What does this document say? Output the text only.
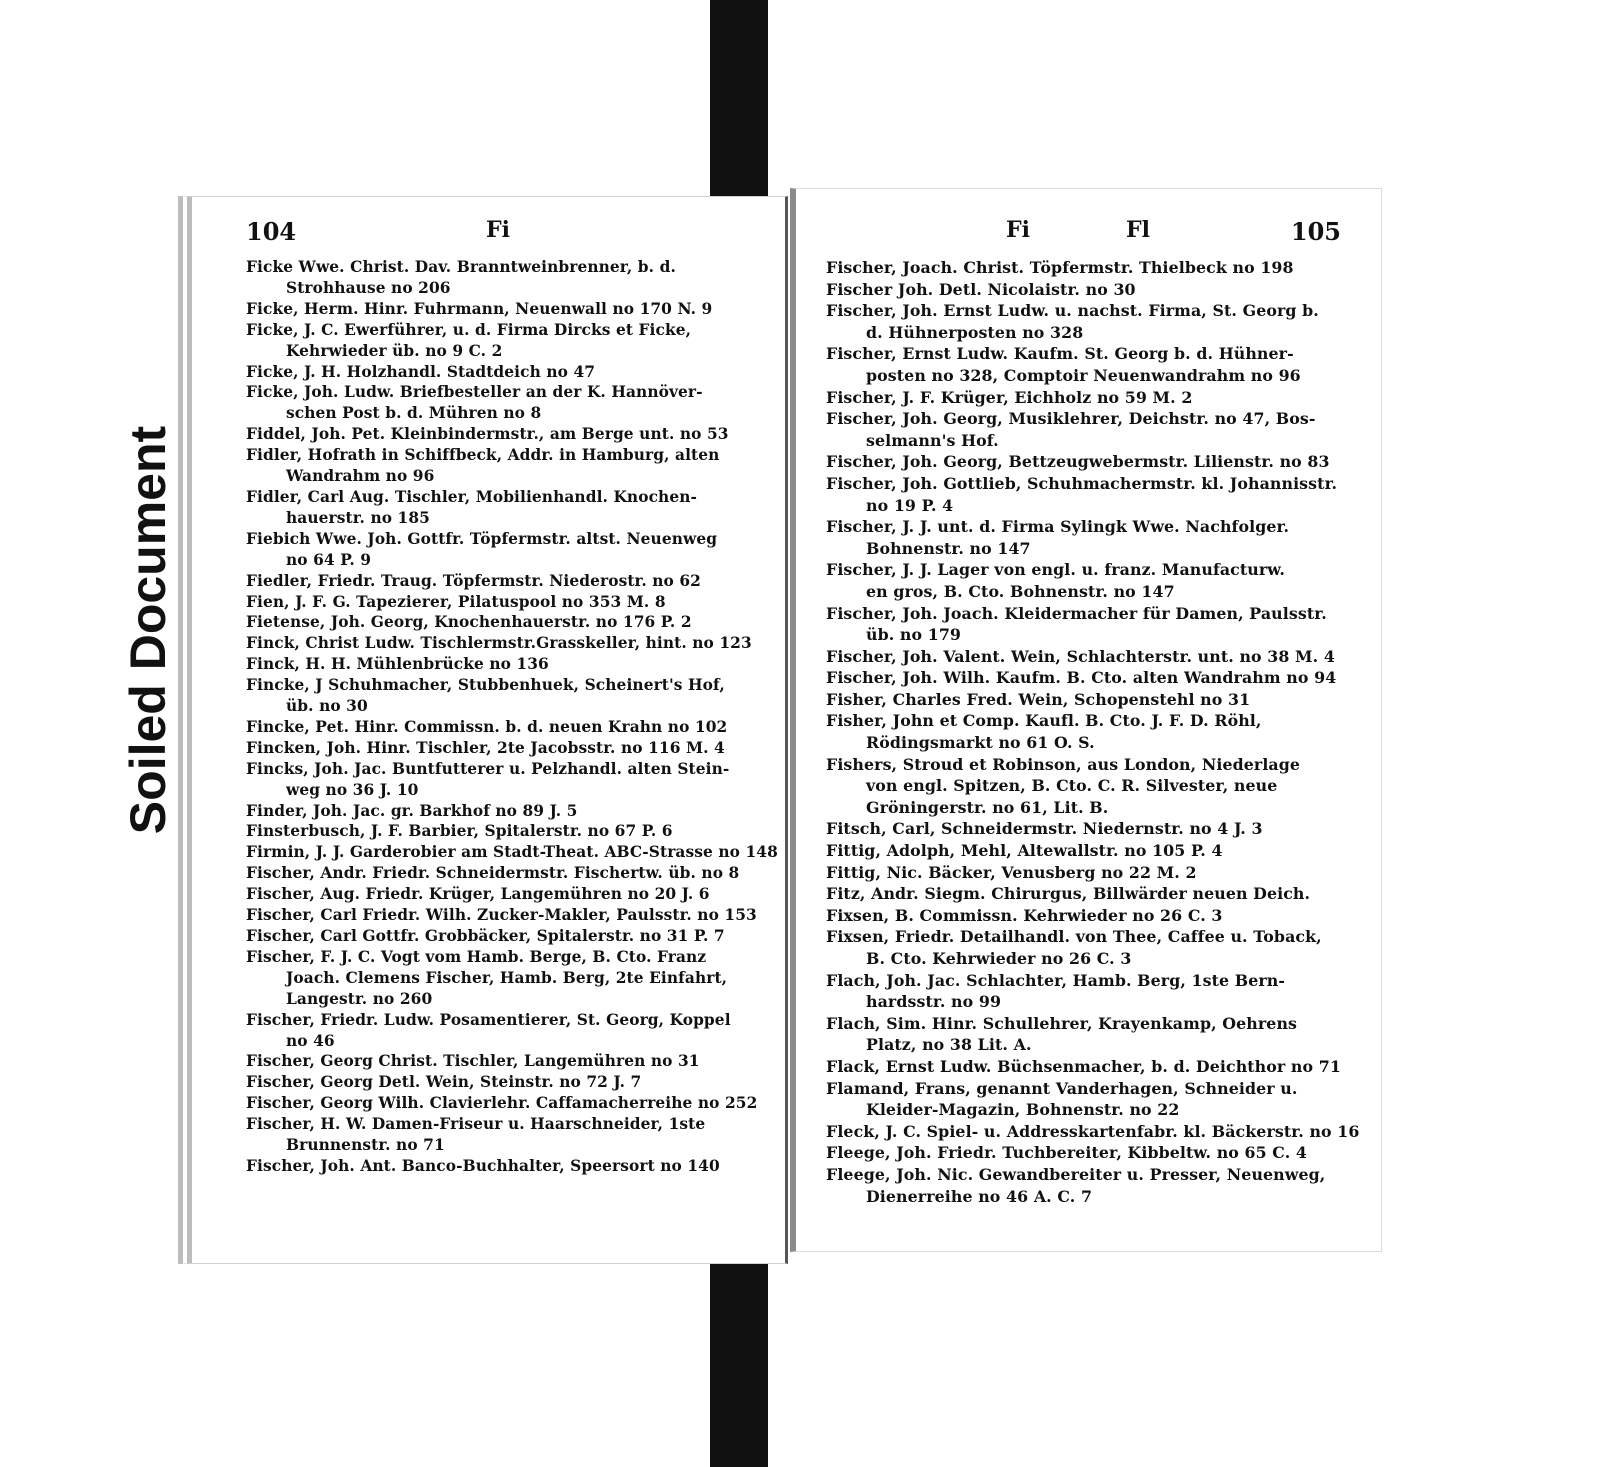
Soiled Document
104	Fi

Ficke Wwe. Christ. Dav. Branntweinbrenner, b. d.
Strohhause no 206

Ficke, Herm. Hinr. Fuhrmann, Neuenwall no 170 N. 9

Ficke, J. C. Ewerführer, u. d. Firma Dircks et Ficke,
Kehrwieder üb. no 9 C. 2

Ficke, J. H. Holzhandl. Stadtdeich no 47

Ficke, Joh. Ludw. Briefbesteller an der K. Hannöver-
schen Post b. d. Mühren no 8

Fiddel, Joh. Pet. Kleinbindermstr., am Berge unt. no 53

Fidler, Hofrath in Schiffbeck, Addr. in Hamburg, alten
Wandrahm no 96

Fidler, Carl Aug. Tischler, Mobilienhandl. Knochen-
hauerstr. no 185

Fiebich Wwe. Joh. Gottfr. Töpfermstr. altst. Neuenweg
no 64 P. 9

Fiedler, Friedr. Traug. Töpfermstr. Niederostr. no 62

Fien, J. F. G. Tapezierer, Pilatuspool no 353 M. 8

Fietense, Joh. Georg, Knochenhauerstr. no 176 P. 2

Finck, Christ Ludw. Tischlermstr.Grasskeller, hint. no 123

Finck, H. H. Mühlenbrücke no 136

Fincke, J Schuhmacher, Stubbenhuek, Scheinert's Hof,
üb. no 30

Fincke, Pet. Hinr. Commissn. b. d. neuen Krahn no 102

Fincken, Joh. Hinr. Tischler, 2te Jacobsstr. no 116 M. 4

Fincks, Joh. Jac. Buntfutterer u. Pelzhandl. alten Stein-
weg no 36 J. 10

Finder, Joh. Jac. gr. Barkhof no 89 J. 5

Finsterbusch, J. F. Barbier, Spitalerstr. no 67 P. 6

Firmin, J. J. Garderobier am Stadt-Theat. ABC-Strasse no 148

Fischer, Andr. Friedr. Schneidermstr. Fischertw. üb. no 8

Fischer, Aug. Friedr. Krüger, Langemühren no 20 J. 6

Fischer, Carl Friedr. Wilh. Zucker-Makler, Paulsstr. no 153

Fischer, Carl Gottfr. Grobbäcker, Spitalerstr. no 31 P. 7

Fischer, F. J. C. Vogt vom Hamb. Berge, B. Cto. Franz
Joach. Clemens Fischer, Hamb. Berg, 2te Einfahrt,
Langestr. no 260

Fischer, Friedr. Ludw. Posamentierer, St. Georg, Koppel
no 46

Fischer, Georg Christ. Tischler, Langemühren no 31

Fischer, Georg Detl. Wein, Steinstr. no 72 J. 7

Fischer, Georg Wilh. Clavierlehr. Caffamacherreihe no 252

Fischer, H. W. Damen-Friseur u. Haarschneider, 1ste
Brunnenstr. no 71

Fischer, Joh. Ant. Banco-Buchhalter, Speersort no 140

Fi	Fl	105

Fischer, Joach. Christ. Töpfermstr. Thielbeck no 198

Fischer Joh. Detl. Nicolaistr. no 30

Fischer, Joh. Ernst Ludw. u. nachst. Firma, St. Georg b.
d. Hühnerposten no 328

Fischer, Ernst Ludw. Kaufm. St. Georg b. d. Hühner-
posten no 328, Comptoir Neuenwandrahm no 96

Fischer, J. F. Krüger, Eichholz no 59 M. 2

Fischer, Joh. Georg, Musiklehrer, Deichstr. no 47, Bos-
selmann's Hof.

Fischer, Joh. Georg, Bettzeugwebermstr. Lilienstr. no 83

Fischer, Joh. Gottlieb, Schuhmachermstr. kl. Johannisstr.
no 19 P. 4

Fischer, J. J. unt. d. Firma Sylingk Wwe. Nachfolger.
Bohnenstr. no 147

Fischer, J. J. Lager von engl. u. franz. Manufacturw.
en gros, B. Cto. Bohnenstr. no 147

Fischer, Joh. Joach. Kleidermacher für Damen, Paulsstr.
üb. no 179

Fischer, Joh. Valent. Wein, Schlachterstr. unt. no 38 M. 4

Fischer, Joh. Wilh. Kaufm. B. Cto. alten Wandrahm no 94

Fisher, Charles Fred. Wein, Schopenstehl no 31

Fisher, John et Comp. Kaufl. B. Cto. J. F. D. Röhl,
Rödingsmarkt no 61 O. S.

Fishers, Stroud et Robinson, aus London, Niederlage
von engl. Spitzen, B. Cto. C. R. Silvester, neue
Gröningerstr. no 61, Lit. B.

Fitsch, Carl, Schneidermstr. Niedernstr. no 4 J. 3

Fittig, Adolph, Mehl, Altewallstr. no 105 P. 4

Fittig, Nic. Bäcker, Venusberg no 22 M. 2

Fitz, Andr. Siegm. Chirurgus, Billwärder neuen Deich.

Fixsen, B. Commissn. Kehrwieder no 26 C. 3

Fixsen, Friedr. Detailhandl. von Thee, Caffee u. Toback,
B. Cto. Kehrwieder no 26 C. 3

Flach, Joh. Jac. Schlachter, Hamb. Berg, 1ste Bern-
hardsstr. no 99

Flach, Sim. Hinr. Schullehrer, Krayenkamp, Oehrens
Platz, no 38 Lit. A.

Flack, Ernst Ludw. Büchsenmacher, b. d. Deichthor no 71

Flamand, Frans, genannt Vanderhagen, Schneider u.
Kleider-Magazin, Bohnenstr. no 22

Fleck, J. C. Spiel- u. Addresskartenfabr. kl. Bäckerstr. no 16

Fleege, Joh. Friedr. Tuchbereiter, Kibbeltw. no 65 C. 4

Fleege, Joh. Nic. Gewandbereiter u. Presser, Neuenweg,
Dienerreihe no 46 A. C. 7
